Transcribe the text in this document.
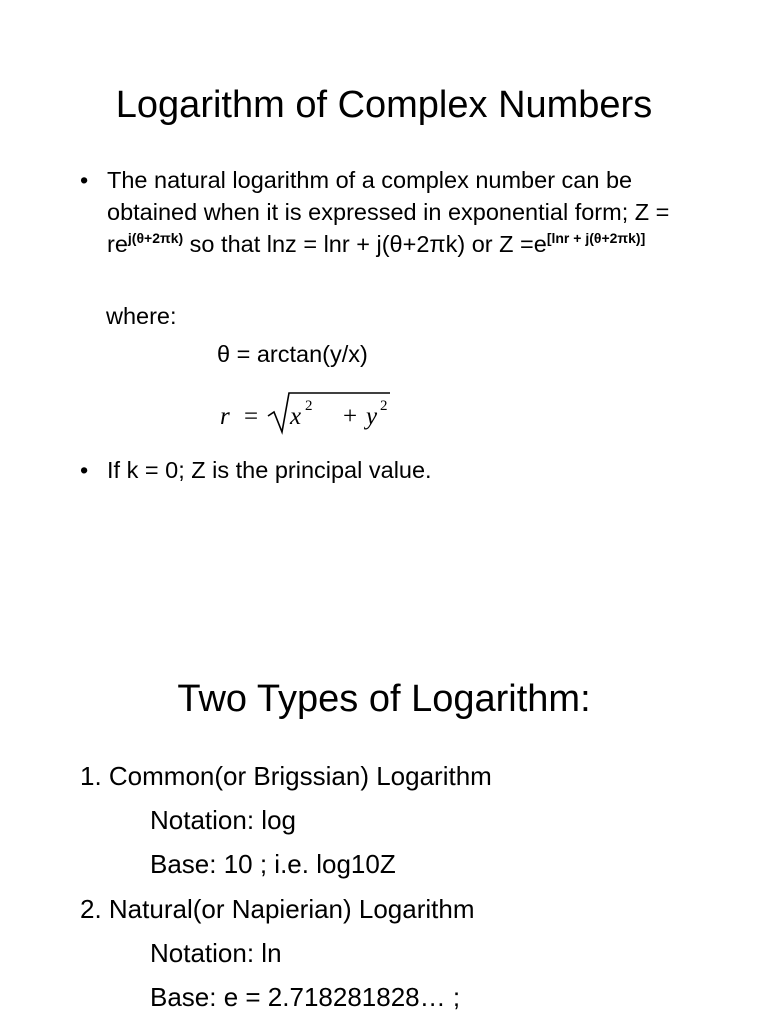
Logarithm of Complex Numbers
• The natural logarithm of a complex number can be obtained when it is expressed in exponential form; $Z = re^{j(\theta+2\pi k)}$ so that lnz = lnr + j(θ+2πk) or Z =e[lnr + j(θ+2πk)]

where:

θ = arctan(y/x)

r = x + y
2	2
• If k = 0; Z is the principal value.
Two Types of Logarithm:

1. Common(or Brigssian) Logarithm

Notation: log

Base: 10 ; i.e. log10Z

2. Natural(or Napierian) Logarithm

Notation: ln

Base: e = 2.718281828… ;
